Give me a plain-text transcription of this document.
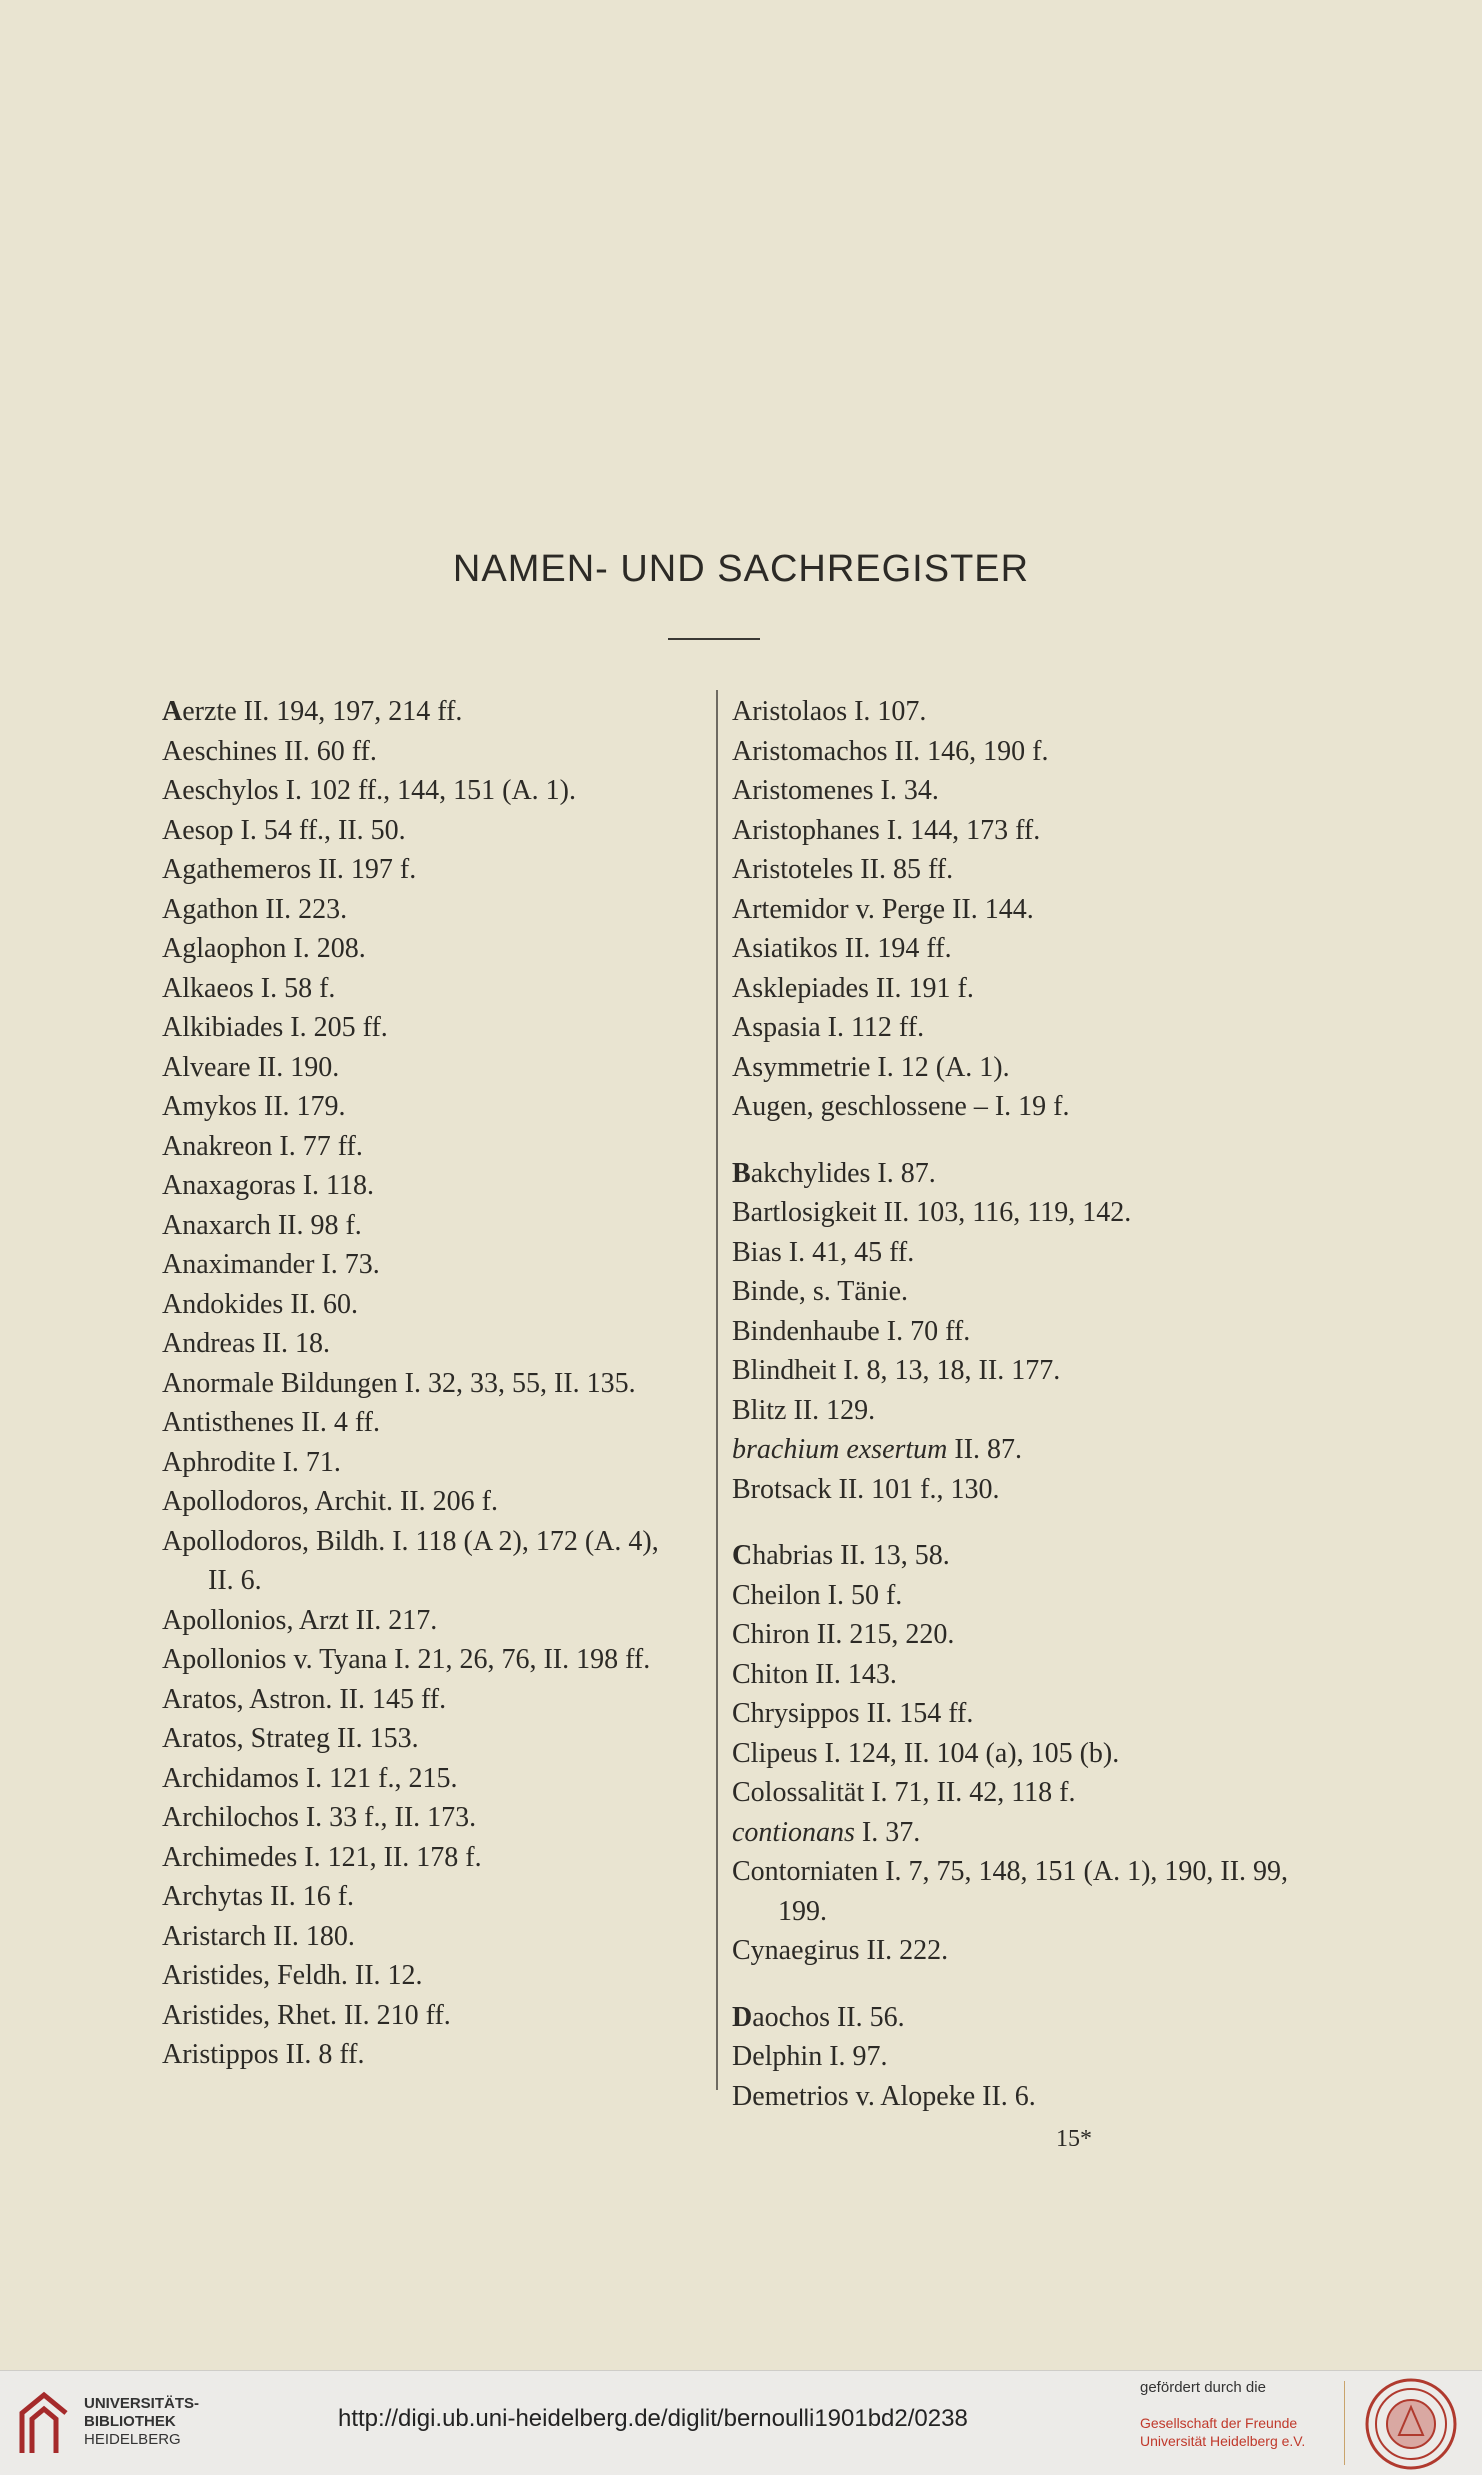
NAMEN- UND SACHREGISTER

Aerzte II. 194, 197, 214 ff.

Aeschines II. 60 ff.

Aeschylos I. 102 ff., 144, 151 (A. 1).

Aesop I. 54 ff., II. 50.

Agathemeros II. 197 f.

Agathon II. 223.

Aglaophon I. 208.

Alkaeos I. 58 f.

Alkibiades I. 205 ff.

Alveare II. 190.

Amykos II. 179.

Anakreon I. 77 ff.

Anaxagoras I. 118.

Anaxarch II. 98 f.

Anaximander I. 73.

Andokides II. 60.

Andreas II. 18.

Anormale Bildungen I. 32, 33, 55, II. 135.

Antisthenes II. 4 ff.

Aphrodite I. 71.

Apollodoros, Archit. II. 206 f.

Apollodoros, Bildh. I. 118 (A 2), 172 (A. 4), II. 6.

Apollonios, Arzt II. 217.

Apollonios v. Tyana I. 21, 26, 76, II. 198 ff.

Aratos, Astron. II. 145 ff.

Aratos, Strateg II. 153.

Archidamos I. 121 f., 215.

Archilochos I. 33 f., II. 173.

Archimedes I. 121, II. 178 f.

Archytas II. 16 f.

Aristarch II. 180.

Aristides, Feldh. II. 12.

Aristides, Rhet. II. 210 ff.

Aristippos II. 8 ff.

Aristolaos I. 107.

Aristomachos II. 146, 190 f.

Aristomenes I. 34.

Aristophanes I. 144, 173 ff.

Aristoteles II. 85 ff.

Artemidor v. Perge II. 144.

Asiatikos II. 194 ff.

Asklepiades II. 191 f.

Aspasia I. 112 ff.

Asymmetrie I. 12 (A. 1).

Augen, geschlossene – I. 19 f.

Bakchylides I. 87.

Bartlosigkeit II. 103, 116, 119, 142.

Bias I. 41, 45 ff.

Binde, s. Tänie.

Bindenhaube I. 70 ff.

Blindheit I. 8, 13, 18, II. 177.

Blitz II. 129.

brachium exsertum II. 87.

Brotsack II. 101 f., 130.

Chabrias II. 13, 58.

Cheilon I. 50 f.

Chiron II. 215, 220.

Chiton II. 143.

Chrysippos II. 154 ff.

Clipeus I. 124, II. 104 (a), 105 (b).

Colossalität I. 71, II. 42, 118 f.

contionans I. 37.

Contorniaten I. 7, 75, 148, 151 (A. 1), 190, II. 99, 199.

Cynaegirus II. 222.

Daochos II. 56.

Delphin I. 97.

Demetrios v. Alopeke II. 6.

15*
UNIVERSITÄTS-
BIBLIOTHEK
HEIDELBERG
http://digi.ub.uni-heidelberg.de/diglit/bernoulli1901bd2/0238
gefördert durch die
Gesellschaft der Freunde
Universität Heidelberg e.V.
